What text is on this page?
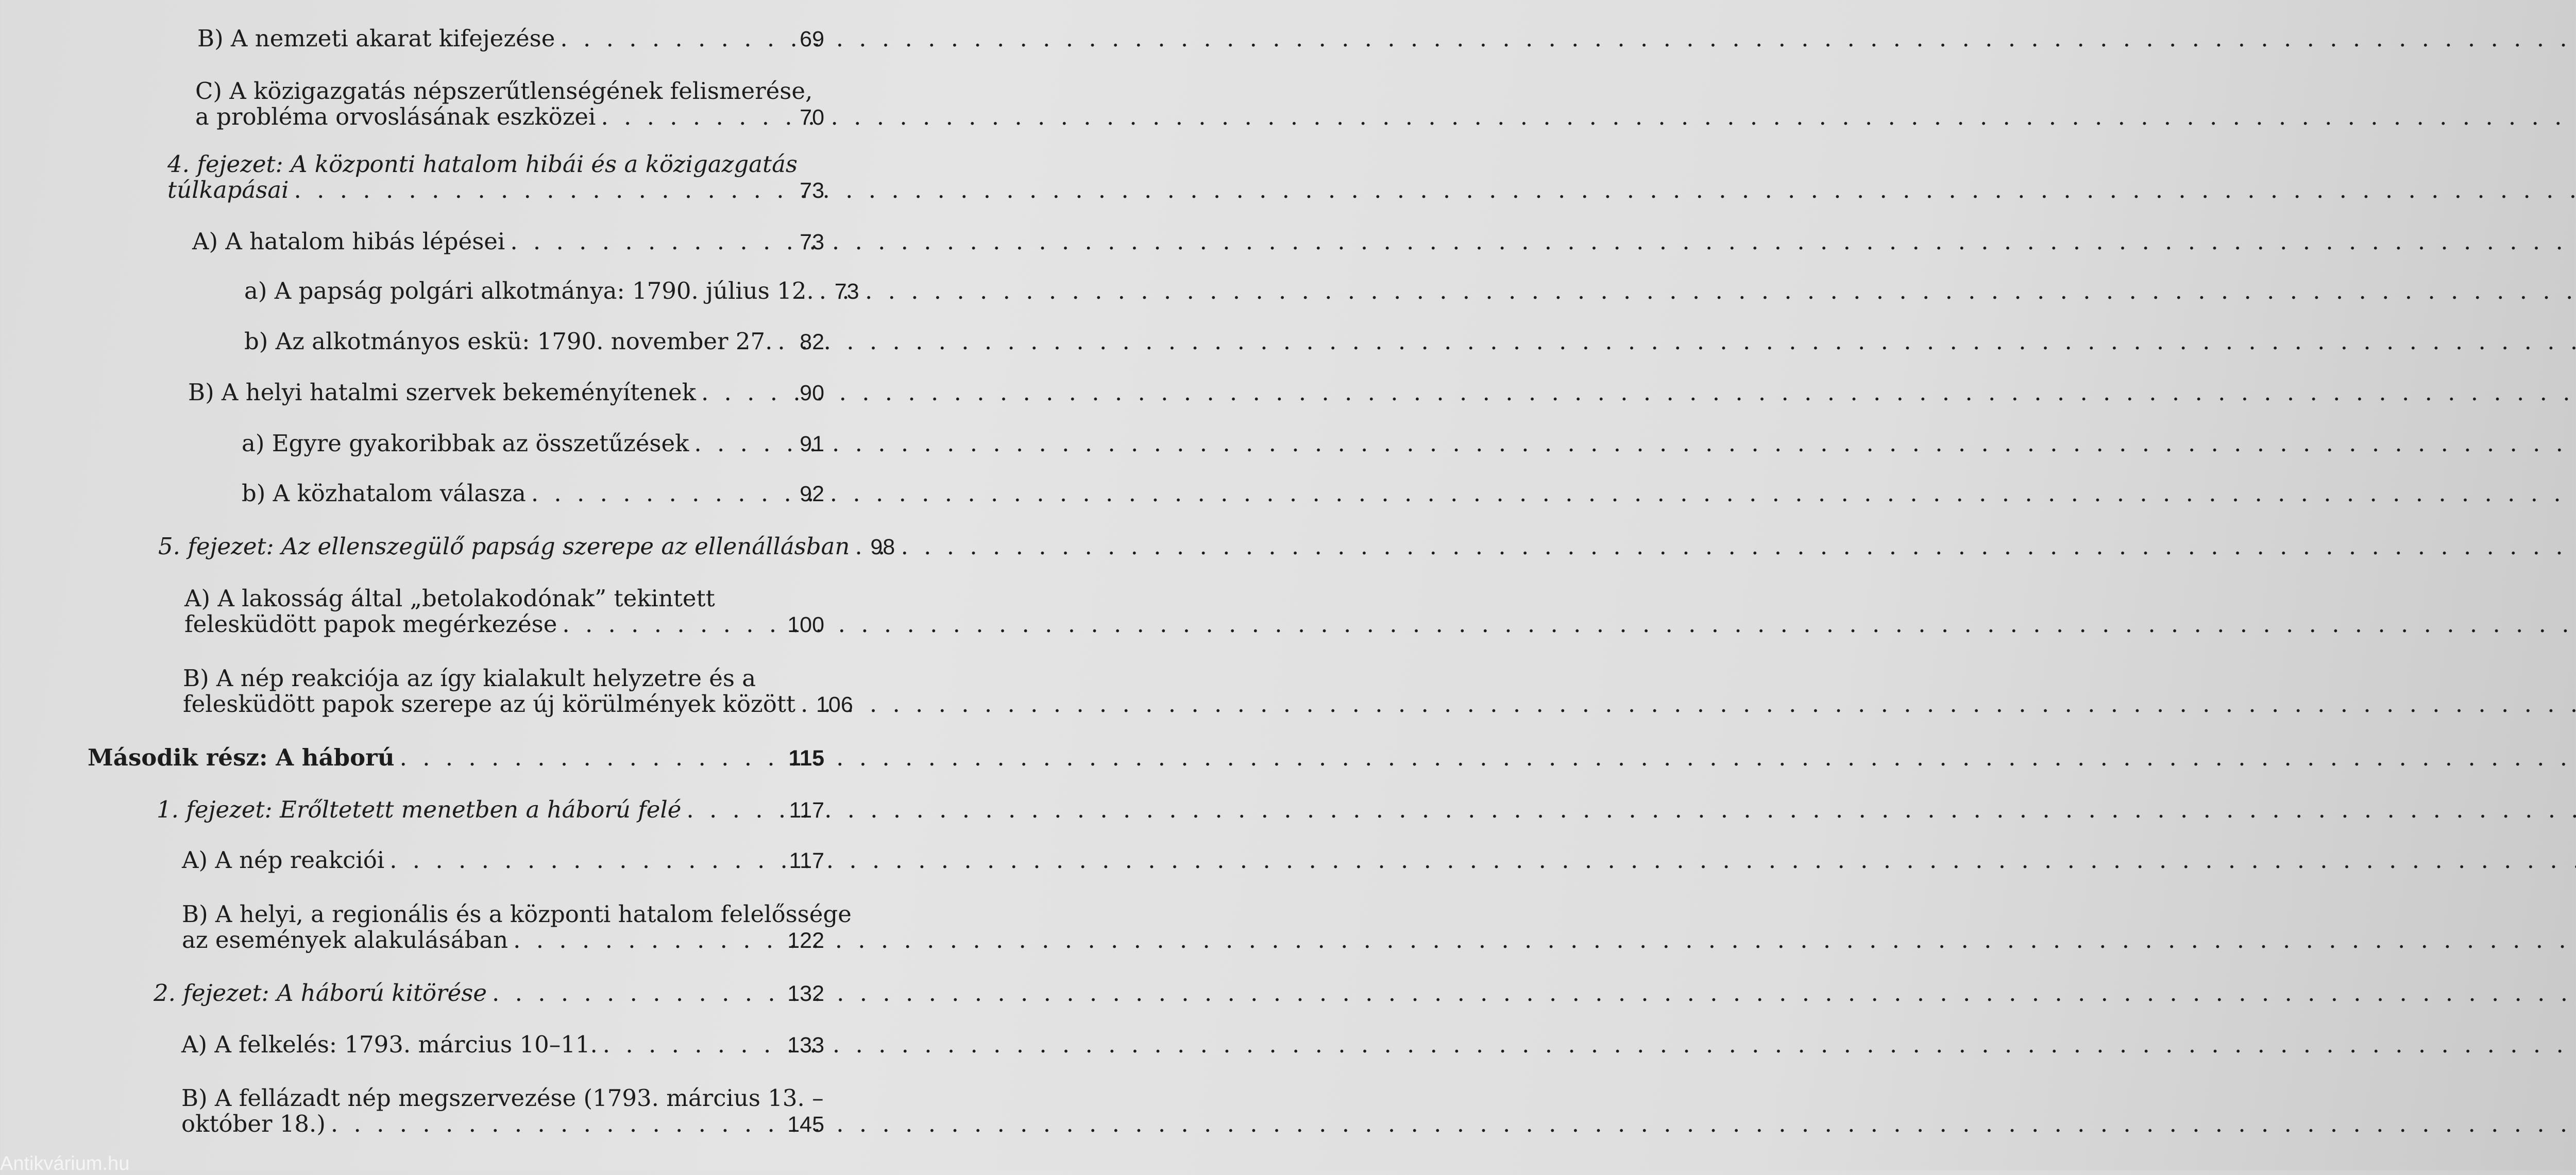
B) A nemzeti akarat kifejezése . . .	69
C) A közigazgatás népszerűtlenségének felismerése,
a probléma orvoslásának eszközei . . .	70
4. fejezet: A központi hatalom hibái és a közigazgatás
túlkapásai . . .	73
A) A hatalom hibás lépései . . .	73
a) A papság polgári alkotmánya: 1790. július 12. . . . 73
b) Az alkotmányos eskü: 1790. november 27. . . . 82
B) A helyi hatalmi szervek bekeményítenek . . .	90
a) Egyre gyakoribbak az összetűzések . . .	91
b) A közhatalom válasza . . .	92
5. fejezet: Az ellenszegülő papság szerepe az ellenállásban . . . 98
A) A lakosság által „betolakodónak” tekintett
felesküdött papok megérkezése . . .	100
B) A nép reakciója az így kialakult helyzetre és a
felesküdött papok szerepe az új körülmények között . . . 106
Második rész: A háború . . .	115
1. fejezet: Erőltetett menetben a háború felé . . .	117
A) A nép reakciói . . .	117
B) A helyi, a regionális és a központi hatalom felelőssége
az események alakulásában . . .	122
2. fejezet: A háború kitörése . . .	132
A) A felkelés: 1793. március 10–11. . . .	133
B) A fellázadt nép megszervezése (1793. március 13. –
október 18.) . . .	145
Antikvárium.hu
